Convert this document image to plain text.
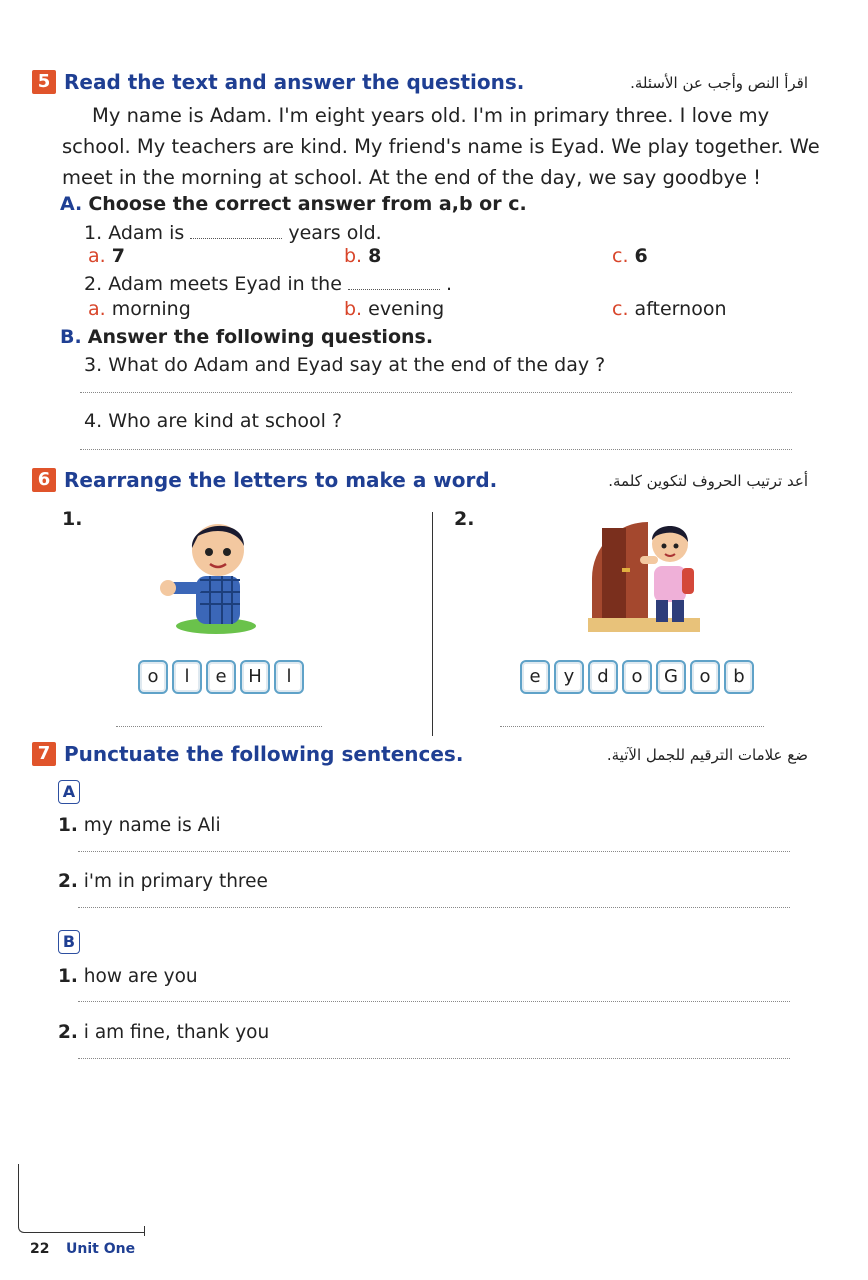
5 Read the text and answer the questions.	اقرأ النص وأجب عن الأسئلة.
My name is Adam. I'm eight years old. I'm in primary three. I love my
school. My teachers are kind. My friend's name is Eyad. We play together. We
meet in the morning at school. At the end of the day, we say goodbye !
A. Choose the correct answer from a,b or c.
1. Adam is	years old.
a. 7	b. 8	c. 6
2. Adam meets Eyad in the	.
a. morning	b. evening	c. afternoon
B. Answer the following questions.
3. What do Adam and Eyad say at the end of the day ?
4. Who are kind at school ?
6 Rearrange the letters to make a word.	أعد ترتيب الحروف لتكوين كلمة.
1.	2.
o	l	e	H	l	e	y	d	o	G	o	b
7 Punctuate the following sentences.	ضع علامات الترقيم للجمل الآتية.
A
1. my name is Ali
2. i'm in primary three
B
1. how are you
2. i am fine, thank you
22 Unit One
